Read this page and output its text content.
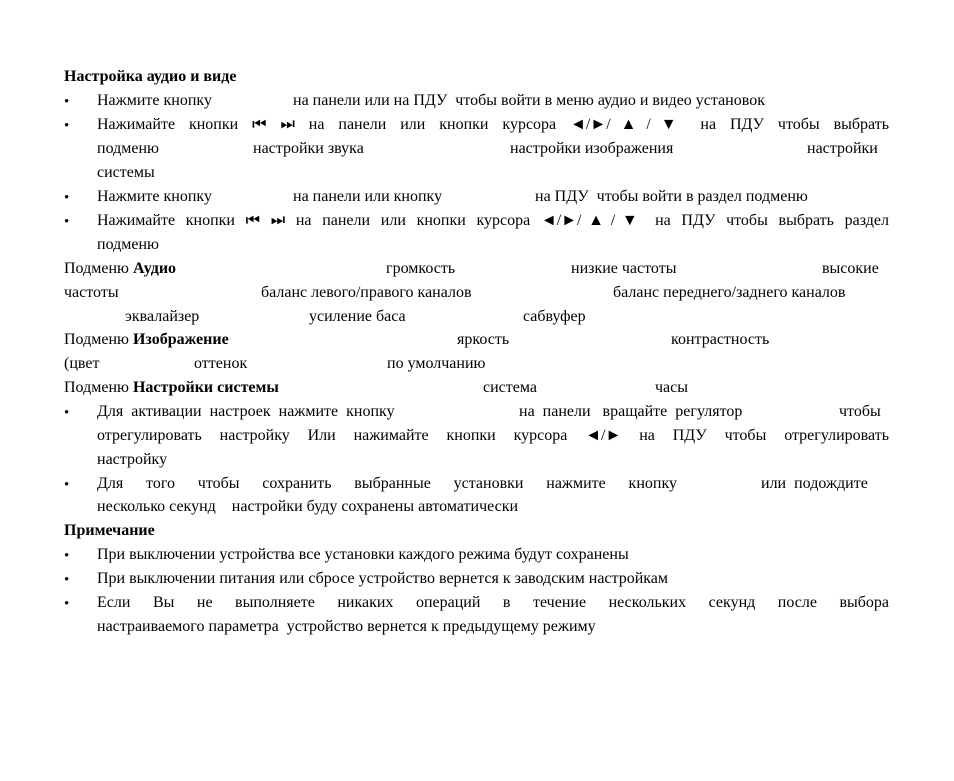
Настройка аудио и виде
•	Нажмите кнопку	на панели или на ПДУ  чтобы войти в меню аудио и видео установок
•	Нажимайте кнопки ⏮ ⏭ на панели или кнопки курсора ◄/►/▲/▼ на ПДУ чтобы выбрать
подменю	настройки звука	настройки изображения	настройки
системы
•	Нажмите кнопку	на панели или кнопку	на ПДУ  чтобы войти в раздел подменю
•	Нажимайте кнопки ⏮ ⏭ на панели или кнопки курсора ◄/►/▲/▼ на ПДУ чтобы выбрать раздел
подменю
Подменю Аудио	громкость	низкие частоты	высокие
частоты	баланс левого/правого каналов	баланс переднего/заднего каналов
эквалайзер	усиление баса	сабвуфер
Подменю Изображение	яркость	контрастность
(цвет	оттенок	по умолчанию
Подменю Настройки системы	система	часы
•	Для  активации  настроек  нажмите  кнопку	на  панели   вращайте  регулятор	чтобы
отрегулировать настройку Или нажимайте кнопки курсора ◄/► на ПДУ чтобы отрегулировать
настройку
•	Для того чтобы сохранить выбранные установки нажмите кнопку	или  подождите
несколько секунд    настройки буду сохранены автоматически
Примечание
•	При выключении устройства все установки каждого режима будут сохранены
•	При выключении питания или сбросе устройство вернется к заводским настройкам
•	Если Вы не выполняете никаких операций в течение нескольких секунд после выбора
настраиваемого параметра  устройство вернется к предыдущему режиму
